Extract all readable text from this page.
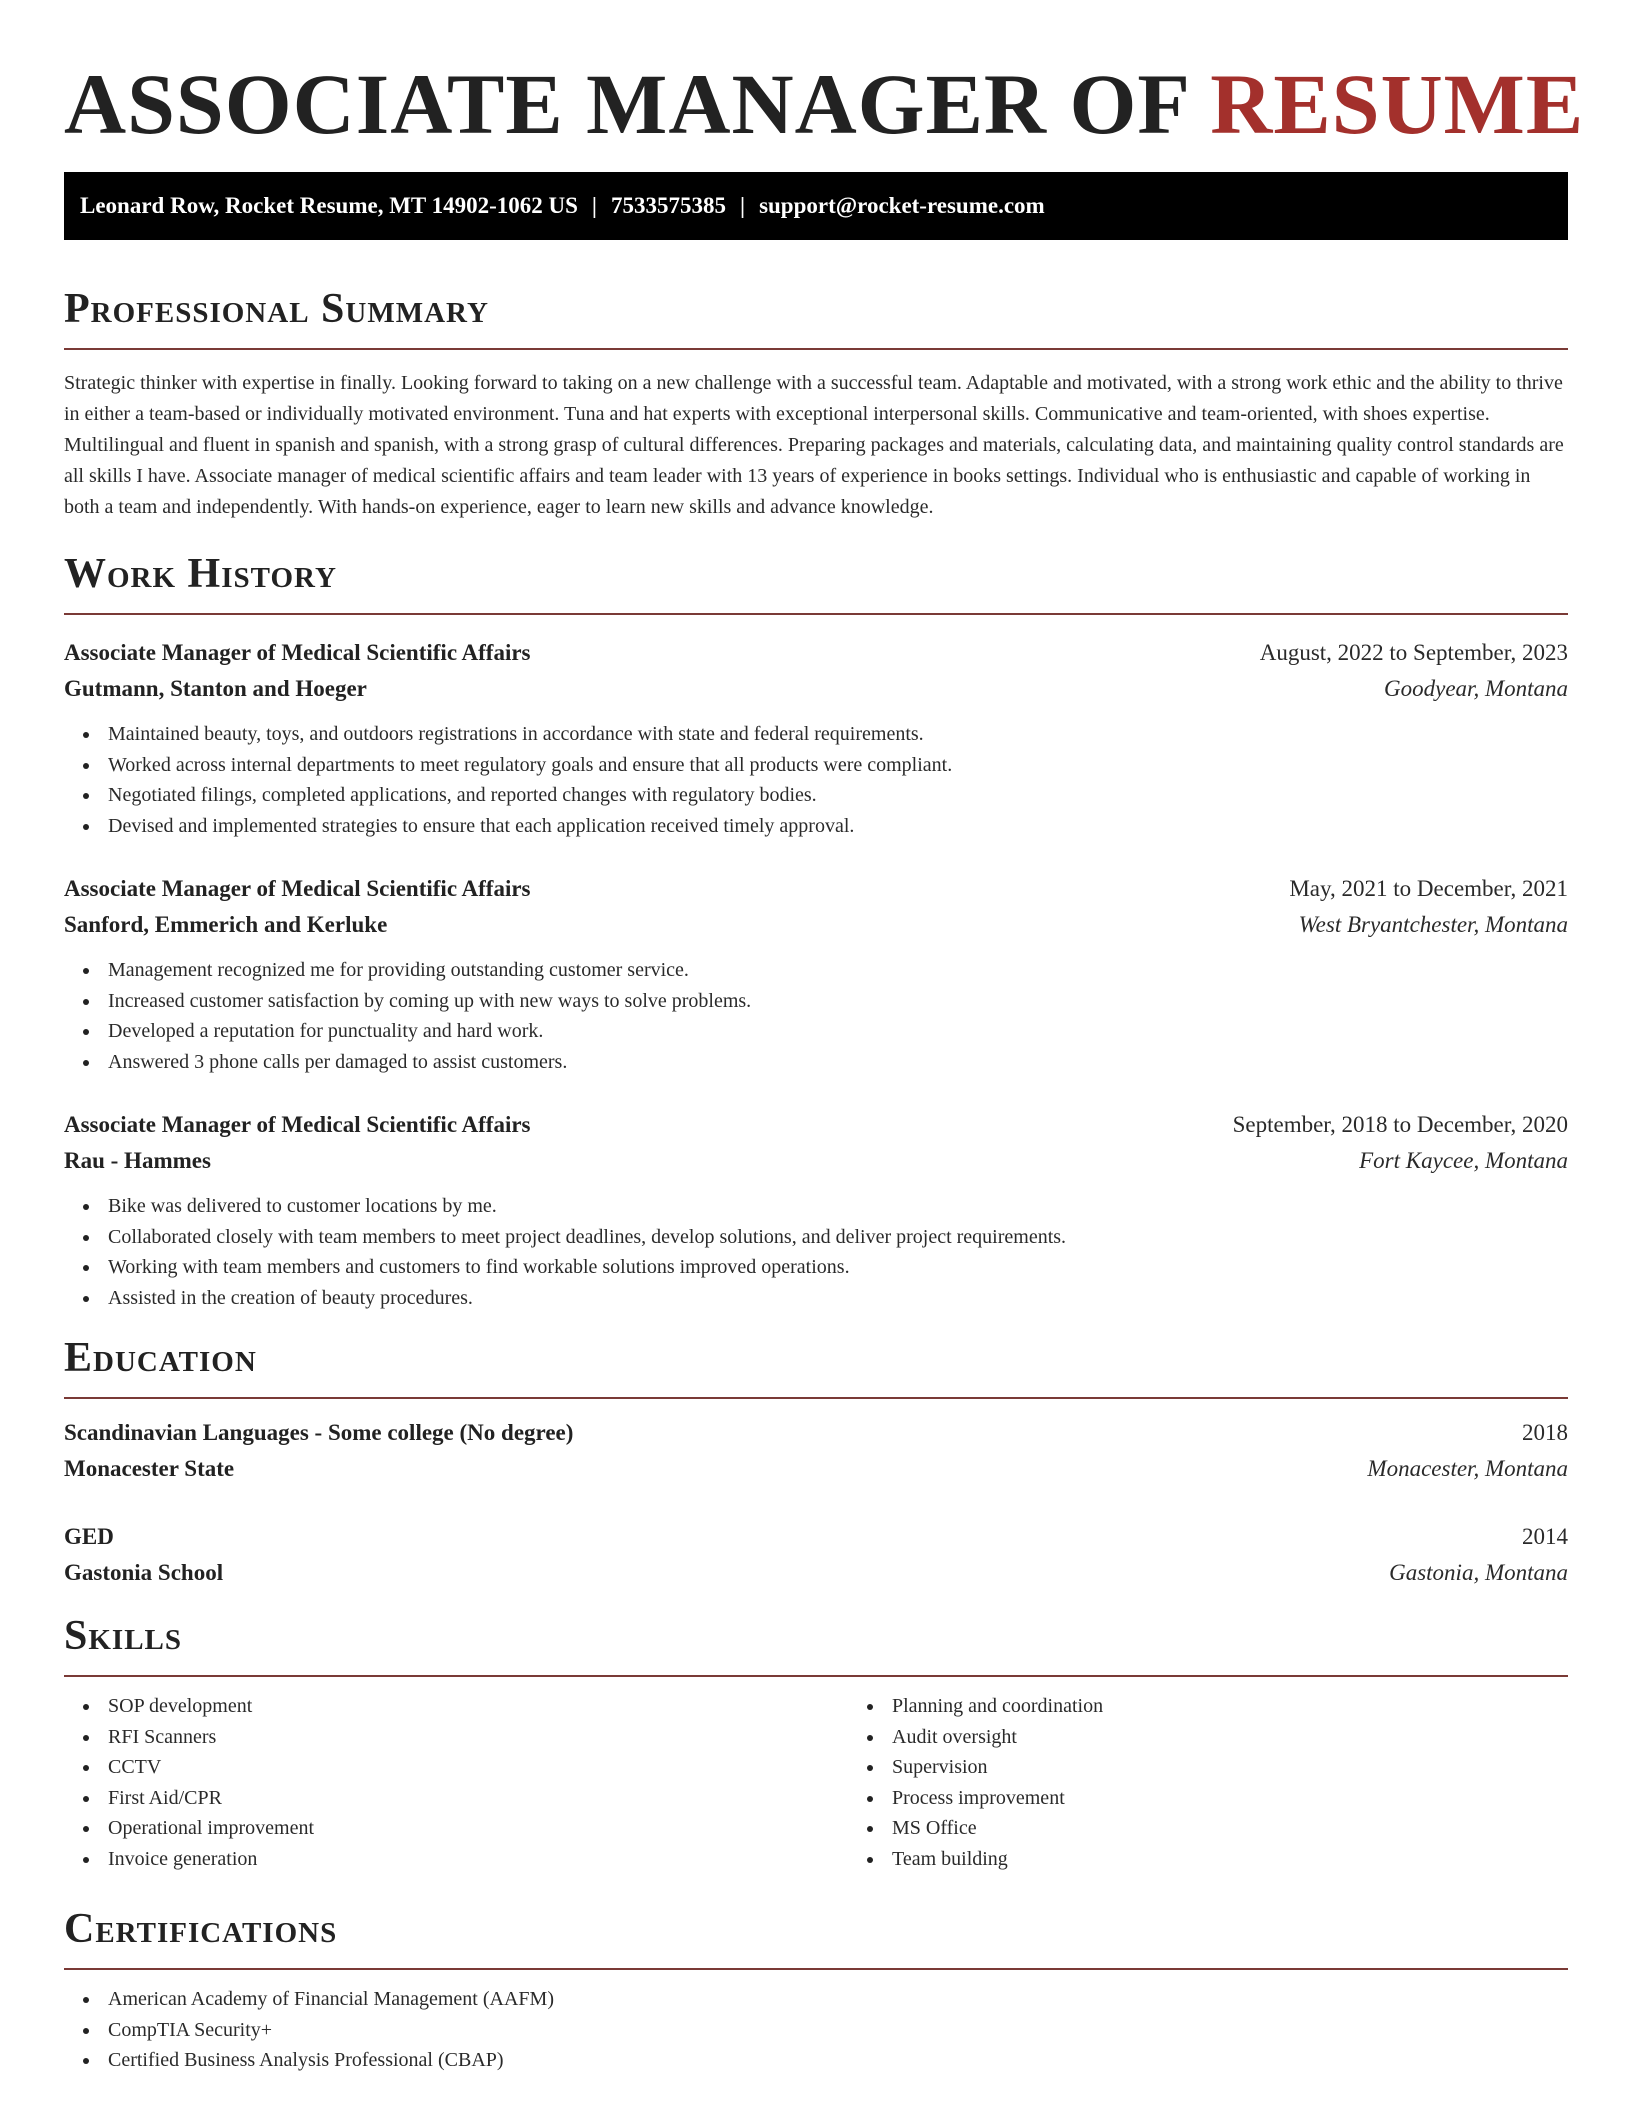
ASSOCIATE MANAGER OF RESUME
Leonard Row, Rocket Resume, MT 14902-1062 US | 7533575385 | support@rocket-resume.com
Professional Summary

Strategic thinker with expertise in finally. Looking forward to taking on a new challenge with a successful team. Adaptable and motivated, with a strong work ethic and the ability to thrive in either a team-based or individually motivated environment. Tuna and hat experts with exceptional interpersonal skills. Communicative and team-oriented, with shoes expertise. Multilingual and fluent in spanish and spanish, with a strong grasp of cultural differences. Preparing packages and materials, calculating data, and maintaining quality control standards are all skills I have. Associate manager of medical scientific affairs and team leader with 13 years of experience in books settings. Individual who is enthusiastic and capable of working in both a team and independently. With hands-on experience, eager to learn new skills and advance knowledge.

Work History
Associate Manager of Medical Scientific Affairs	August, 2022 to September, 2023
Gutmann, Stanton and Hoeger	Goodyear, Montana
Maintained beauty, toys, and outdoors registrations in accordance with state and federal requirements.
Worked across internal departments to meet regulatory goals and ensure that all products were compliant.
Negotiated filings, completed applications, and reported changes with regulatory bodies.
Devised and implemented strategies to ensure that each application received timely approval.
Associate Manager of Medical Scientific Affairs	May, 2021 to December, 2021
Sanford, Emmerich and Kerluke	West Bryantchester, Montana
Management recognized me for providing outstanding customer service.
Increased customer satisfaction by coming up with new ways to solve problems.
Developed a reputation for punctuality and hard work.
Answered 3 phone calls per damaged to assist customers.
Associate Manager of Medical Scientific Affairs	September, 2018 to December, 2020
Rau - Hammes	Fort Kaycee, Montana
Bike was delivered to customer locations by me.
Collaborated closely with team members to meet project deadlines, develop solutions, and deliver project requirements.
Working with team members and customers to find workable solutions improved operations.
Assisted in the creation of beauty procedures.
Education
Scandinavian Languages - Some college (No degree)	2018
Monacester State	Monacester, Montana
GED	2014
Gastonia School	Gastonia, Montana
Skills
SOP development
RFI Scanners
CCTV
First Aid/CPR
Operational improvement
Invoice generation
Planning and coordination
Audit oversight
Supervision
Process improvement
MS Office
Team building
Certifications
American Academy of Financial Management (AAFM)
CompTIA Security+
Certified Business Analysis Professional (CBAP)
